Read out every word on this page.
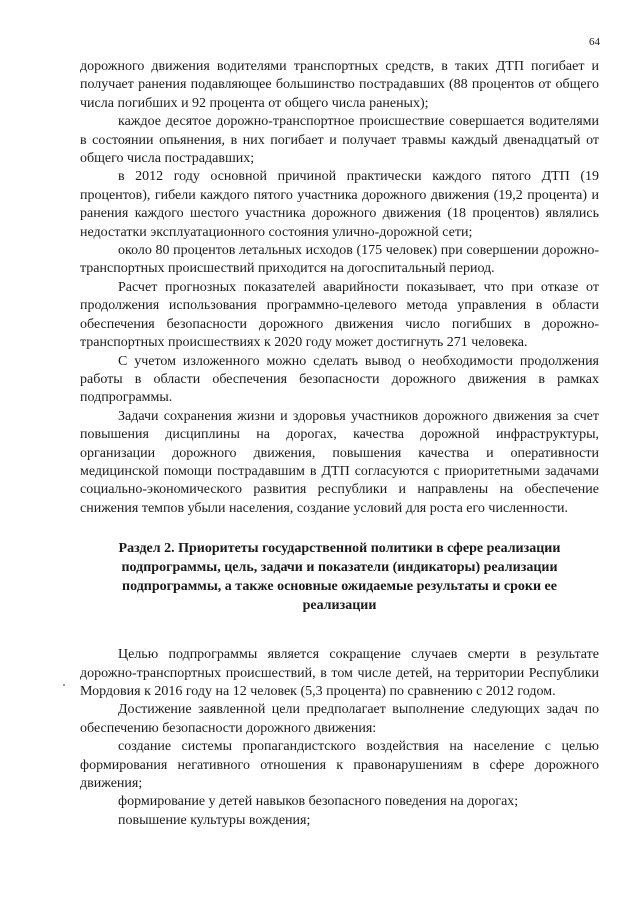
64

дорожного движения водителями транспортных средств, в таких ДТП погибает и получает ранения подавляющее большинство пострадавших (88 процентов от общего числа погибших и 92 процента от общего числа раненых);

каждое десятое дорожно-транспортное происшествие совершается водителями в состоянии опьянения, в них погибает и получает травмы каждый двенадцатый от общего числа пострадавших;

в 2012 году основной причиной практически каждого пятого ДТП (19 процентов), гибели каждого пятого участника дорожного движения (19,2 процента) и ранения каждого шестого участника дорожного движения (18 процентов) являлись недостатки эксплуатационного состояния улично-дорожной сети;

около 80 процентов летальных исходов (175 человек) при совершении дорожно-транспортных происшествий приходится на догоспитальный период.

Расчет прогнозных показателей аварийности показывает, что при отказе от продолжения использования программно-целевого метода управления в области обеспечения безопасности дорожного движения число погибших в дорожно-транспортных происшествиях к 2020 году может достигнуть 271 человека.

С учетом изложенного можно сделать вывод о необходимости продолжения работы в области обеспечения безопасности дорожного движения в рамках подпрограммы.

Задачи сохранения жизни и здоровья участников дорожного движения за счет повышения дисциплины на дорогах, качества дорожной инфраструктуры, организации дорожного движения, повышения качества и оперативности медицинской помощи пострадавшим в ДТП согласуются с приоритетными задачами социально-экономического развития республики и направлены на обеспечение снижения темпов убыли населения, создание условий для роста его численности.

Раздел 2. Приоритеты государственной политики в сфере реализации подпрограммы, цель, задачи и показатели (индикаторы) реализации подпрограммы, а также основные ожидаемые результаты и сроки ее реализации

Целью подпрограммы является сокращение случаев смерти в результате дорожно-транспортных происшествий, в том числе детей, на территории Республики Мордовия к 2016 году на 12 человек (5,3 процента) по сравнению с 2012 годом.

Достижение заявленной цели предполагает выполнение следующих задач по обеспечению безопасности дорожного движения:

создание системы пропагандистского воздействия на население с целью формирования негативного отношения к правонарушениям в сфере дорожного движения;

формирование у детей навыков безопасного поведения на дорогах;

повышение культуры вождения;
